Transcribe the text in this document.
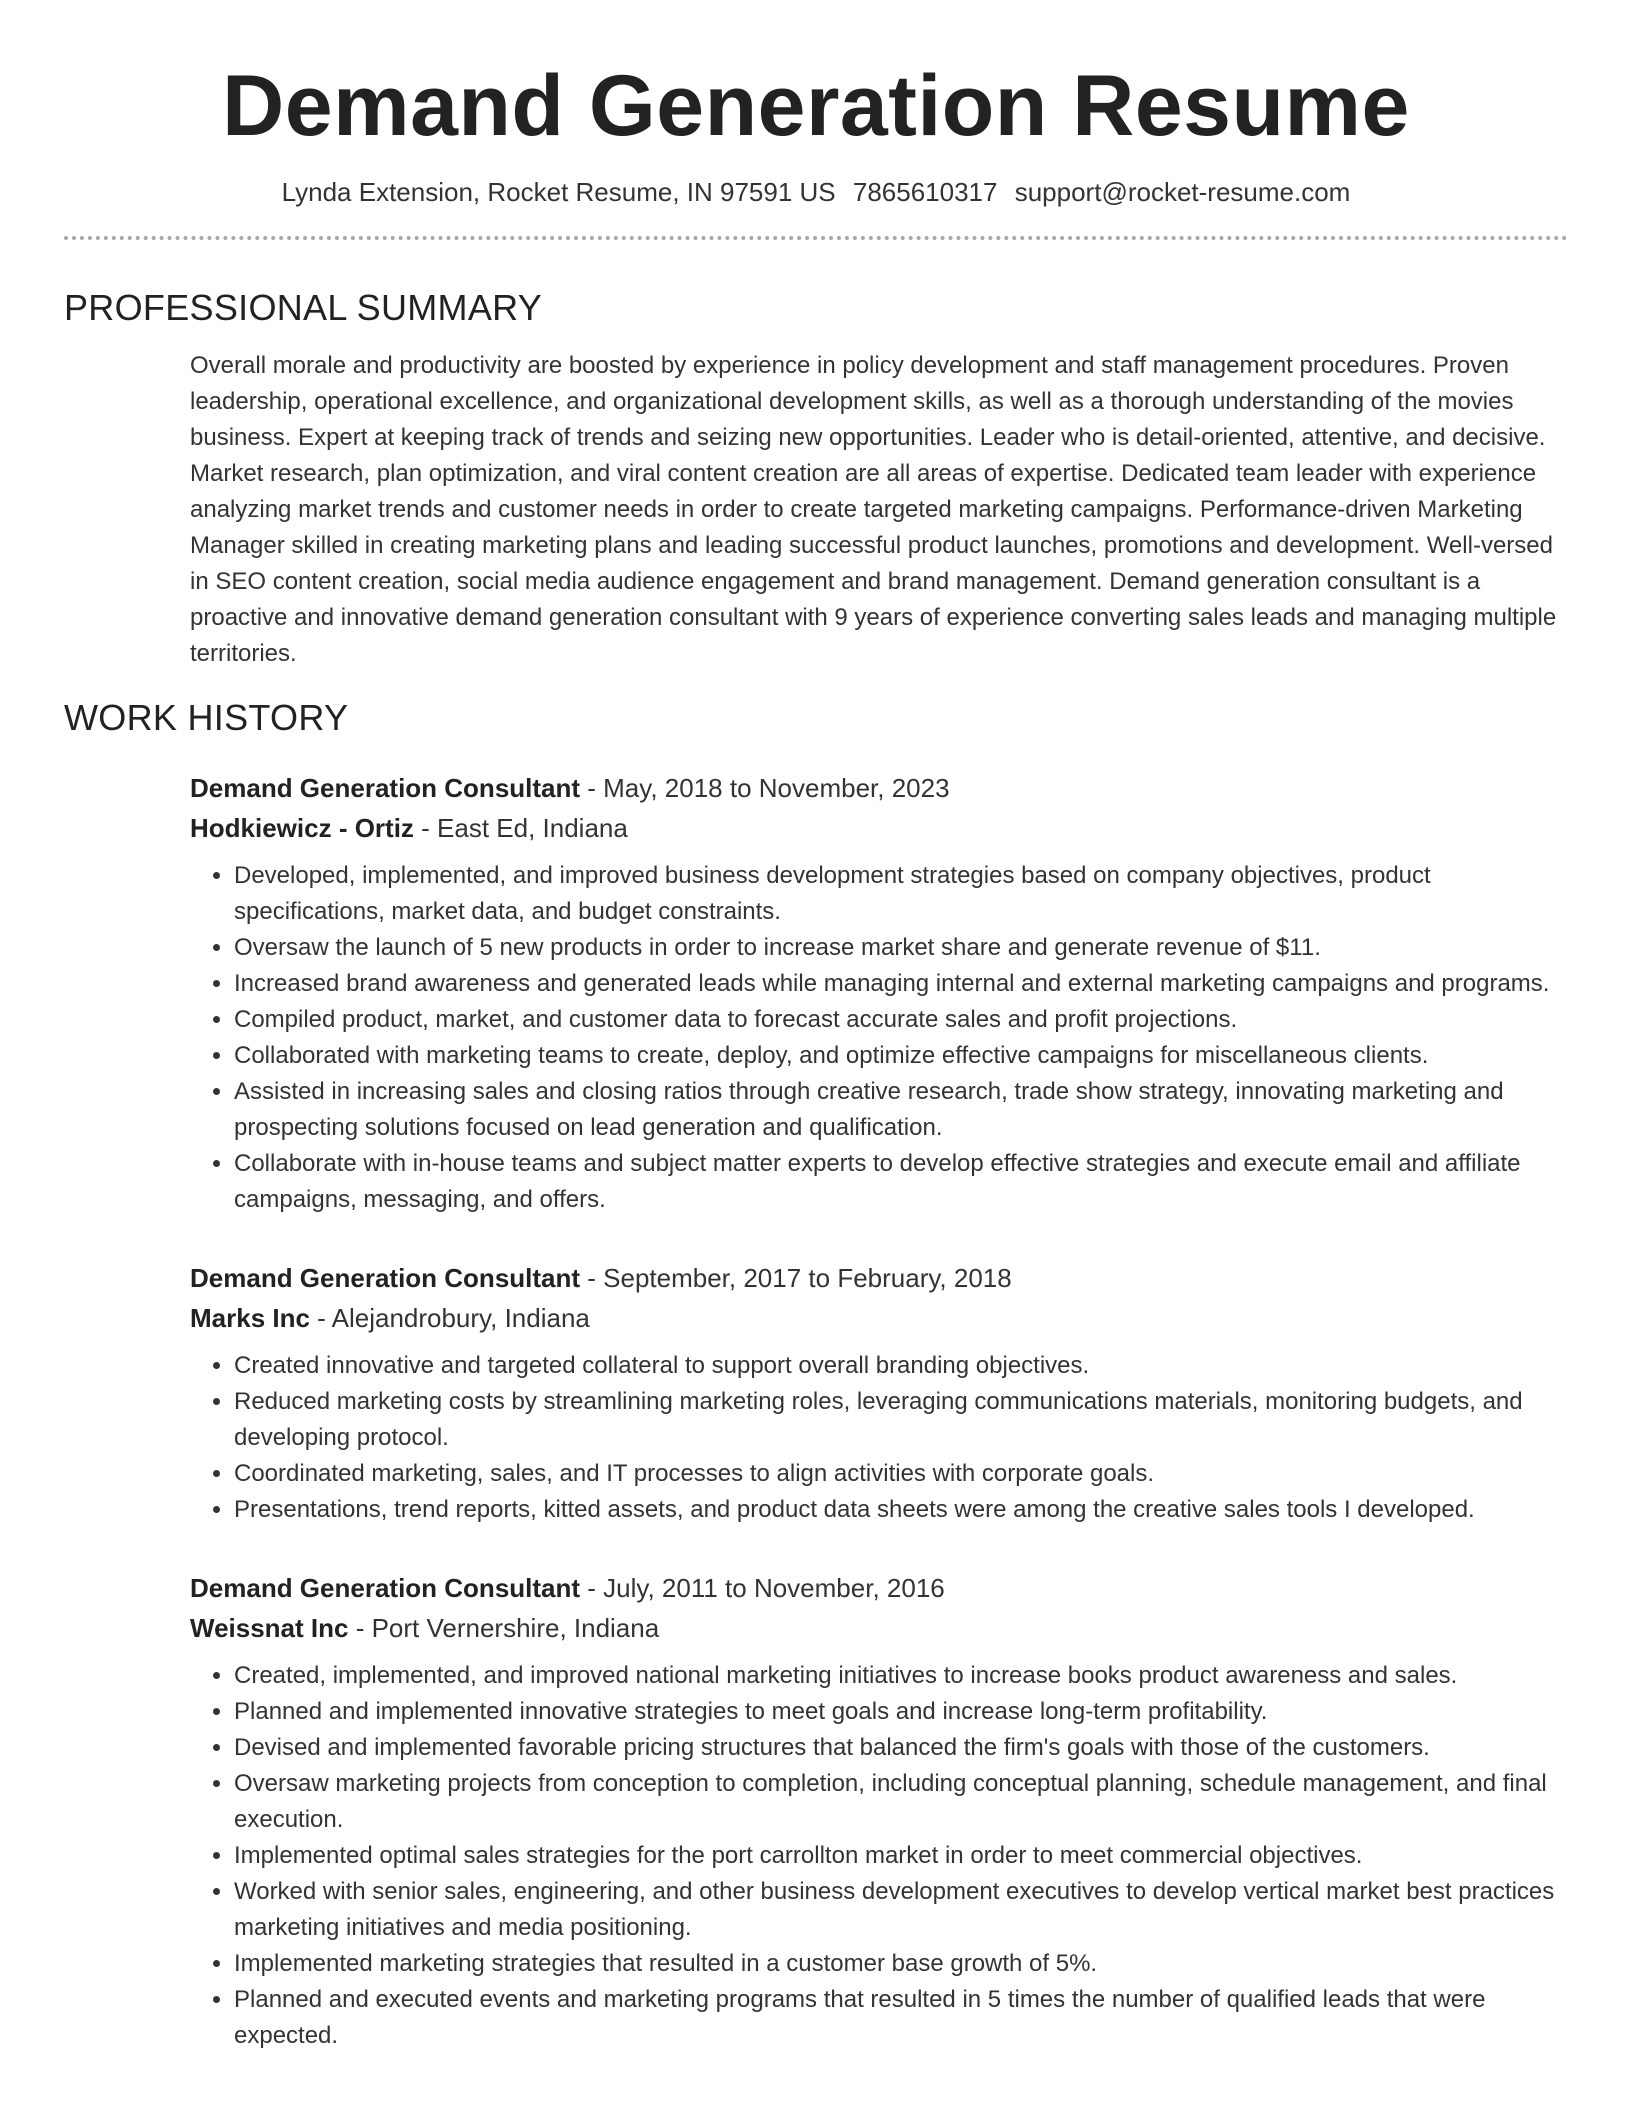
Demand Generation Resume
Lynda Extension, Rocket Resume, IN 97591 US 7865610317 support@rocket-resume.com
PROFESSIONAL SUMMARY

Overall morale and productivity are boosted by experience in policy development and staff management procedures. Proven leadership, operational excellence, and organizational development skills, as well as a thorough understanding of the movies business. Expert at keeping track of trends and seizing new opportunities. Leader who is detail-oriented, attentive, and decisive. Market research, plan optimization, and viral content creation are all areas of expertise. Dedicated team leader with experience analyzing market trends and customer needs in order to create targeted marketing campaigns. Performance-driven Marketing Manager skilled in creating marketing plans and leading successful product launches, promotions and development. Well-versed in SEO content creation, social media audience engagement and brand management. Demand generation consultant is a proactive and innovative demand generation consultant with 9 years of experience converting sales leads and managing multiple territories.

WORK HISTORY
Demand Generation Consultant - May, 2018 to November, 2023
Hodkiewicz - Ortiz - East Ed, Indiana
• Developed, implemented, and improved business development strategies based on company objectives, product specifications, market data, and budget constraints.
• Oversaw the launch of 5 new products in order to increase market share and generate revenue of $11.
• Increased brand awareness and generated leads while managing internal and external marketing campaigns and programs.
• Compiled product, market, and customer data to forecast accurate sales and profit projections.
• Collaborated with marketing teams to create, deploy, and optimize effective campaigns for miscellaneous clients.
• Assisted in increasing sales and closing ratios through creative research, trade show strategy, innovating marketing and prospecting solutions focused on lead generation and qualification.
• Collaborate with in-house teams and subject matter experts to develop effective strategies and execute email and affiliate campaigns, messaging, and offers.
Demand Generation Consultant - September, 2017 to February, 2018
Marks Inc - Alejandrobury, Indiana
• Created innovative and targeted collateral to support overall branding objectives.
• Reduced marketing costs by streamlining marketing roles, leveraging communications materials, monitoring budgets, and developing protocol.
• Coordinated marketing, sales, and IT processes to align activities with corporate goals.
• Presentations, trend reports, kitted assets, and product data sheets were among the creative sales tools I developed.
Demand Generation Consultant - July, 2011 to November, 2016
Weissnat Inc - Port Vernershire, Indiana
• Created, implemented, and improved national marketing initiatives to increase books product awareness and sales.
• Planned and implemented innovative strategies to meet goals and increase long-term profitability.
• Devised and implemented favorable pricing structures that balanced the firm's goals with those of the customers.
• Oversaw marketing projects from conception to completion, including conceptual planning, schedule management, and final execution.
• Implemented optimal sales strategies for the port carrollton market in order to meet commercial objectives.
• Worked with senior sales, engineering, and other business development executives to develop vertical market best practices marketing initiatives and media positioning.
• Implemented marketing strategies that resulted in a customer base growth of 5%.
• Planned and executed events and marketing programs that resulted in 5 times the number of qualified leads that were expected.
